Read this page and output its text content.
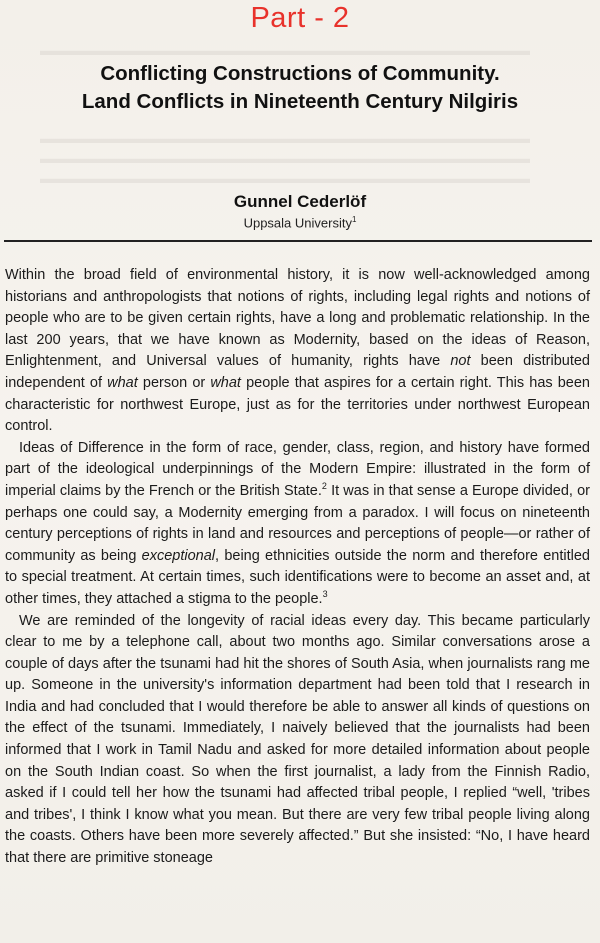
▬▬▬▬▬▬▬▬▬▬▬▬▬▬▬▬▬▬▬▬▬▬▬▬▬▬▬▬▬▬▬▬▬▬▬
▬▬▬▬▬▬▬▬▬▬▬▬▬▬▬▬▬▬▬▬▬▬▬▬▬▬▬▬▬▬▬▬▬▬▬
▬▬▬▬▬▬▬▬▬▬▬▬▬▬▬▬▬▬▬▬▬▬▬▬▬▬▬▬▬▬▬▬▬▬▬
▬▬▬▬▬▬▬▬▬▬▬▬▬▬▬▬▬▬▬▬▬▬▬▬▬▬▬▬▬▬▬▬▬▬▬
Part - 2
Conflicting Constructions of Community.
Land Conflicts in Nineteenth Century Nilgiris
Gunnel Cederlöf
Uppsala University$^1$

Within the broad field of environmental history, it is now well-acknowledged among historians and anthropologists that notions of rights, including legal rights and notions of people who are to be given certain rights, have a long and problematic relationship. In the last 200 years, that we have known as Modernity, based on the ideas of Reason, Enlightenment, and Universal values of humanity, rights have not been distributed independent of what person or what people that aspires for a certain right. This has been characteristic for northwest Europe, just as for the territories under northwest European control.

Ideas of Difference in the form of race, gender, class, region, and history have formed part of the ideological underpinnings of the Modern Empire: illustrated in the form of imperial claims by the French or the British State.$^2$ It was in that sense a Europe divided, or perhaps one could say, a Modernity emerging from a paradox. I will focus on nineteenth century perceptions of rights in land and resources and perceptions of people—or rather of community as being exceptional, being ethnicities outside the norm and therefore entitled to special treatment. At certain times, such identifications were to become an asset and, at other times, they attached a stigma to the people.$^3$

We are reminded of the longevity of racial ideas every day. This became particularly clear to me by a telephone call, about two months ago. Similar conversations arose a couple of days after the tsunami had hit the shores of South Asia, when journalists rang me up. Someone in the university's information department had been told that I research in India and had concluded that I would therefore be able to answer all kinds of questions on the effect of the tsunami. Immediately, I naively believed that the journalists had been informed that I work in Tamil Nadu and asked for more detailed information about people on the South Indian coast. So when the first journalist, a lady from the Finnish Radio, asked if I could tell her how the tsunami had affected tribal people, I replied “well, 'tribes and tribes', I think I know what you mean. But there are very few tribal people living along the coasts. Others have been more severely affected.” But she insisted: “No, I have heard that there are primitive stoneage
